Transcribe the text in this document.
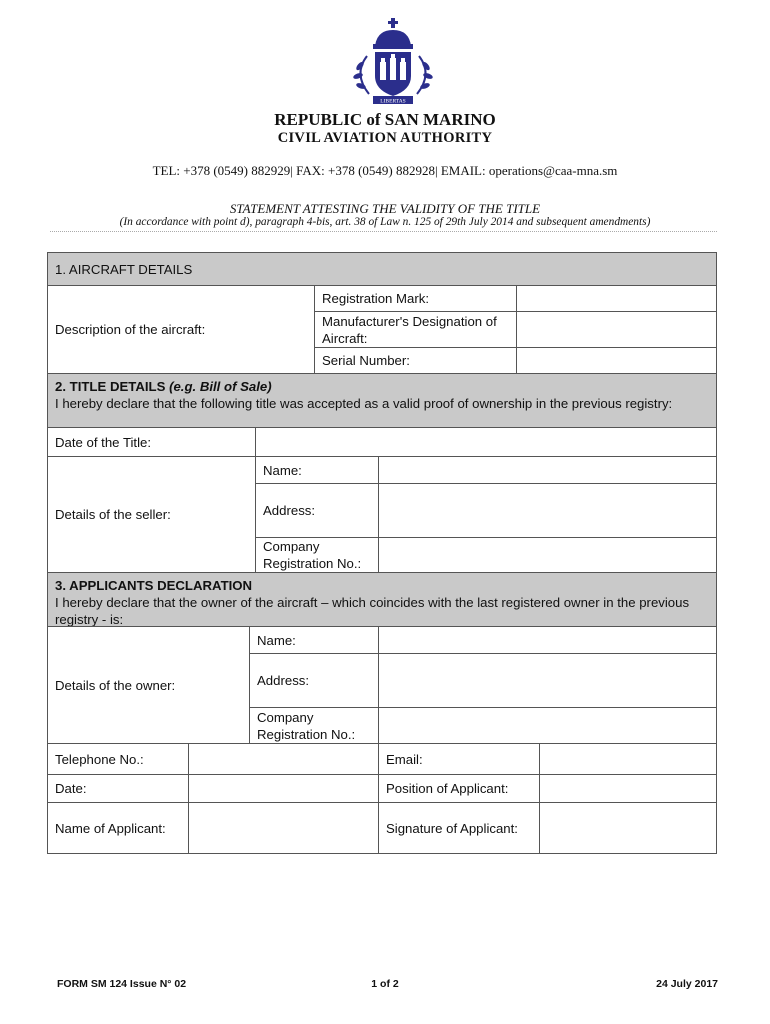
LIBERTAS
REPUBLIC of SAN MARINO
CIVIL AVIATION AUTHORITY
TEL: +378 (0549) 882929| FAX: +378 (0549) 882928| EMAIL: operations@caa-mna.sm
STATEMENT ATTESTING THE VALIDITY OF THE TITLE
(In accordance with point d), paragraph 4-bis, art. 38 of Law n. 125 of 29th July 2014 and subsequent amendments)
1. AIRCRAFT DETAILS
Description of the aircraft:
Registration Mark:
Manufacturer's Designation of Aircraft:
Serial Number:
2. TITLE DETAILS (e.g. Bill of Sale)
I hereby declare that the following title was accepted as a valid proof of ownership in the previous registry:
Date of the Title:
Details of the seller:
Name:
Address:
Company Registration No.:
3. APPLICANTS DECLARATION
I hereby declare that the owner of the aircraft – which coincides with the last registered owner in the previous registry - is:
Details of the owner:
Name:
Address:
Company Registration No.:
Telephone No.:	Email:
Date:	Position of Applicant:
Name of Applicant:	Signature of Applicant:
FORM SM 124 Issue N° 02	1 of 2	24 July 2017
